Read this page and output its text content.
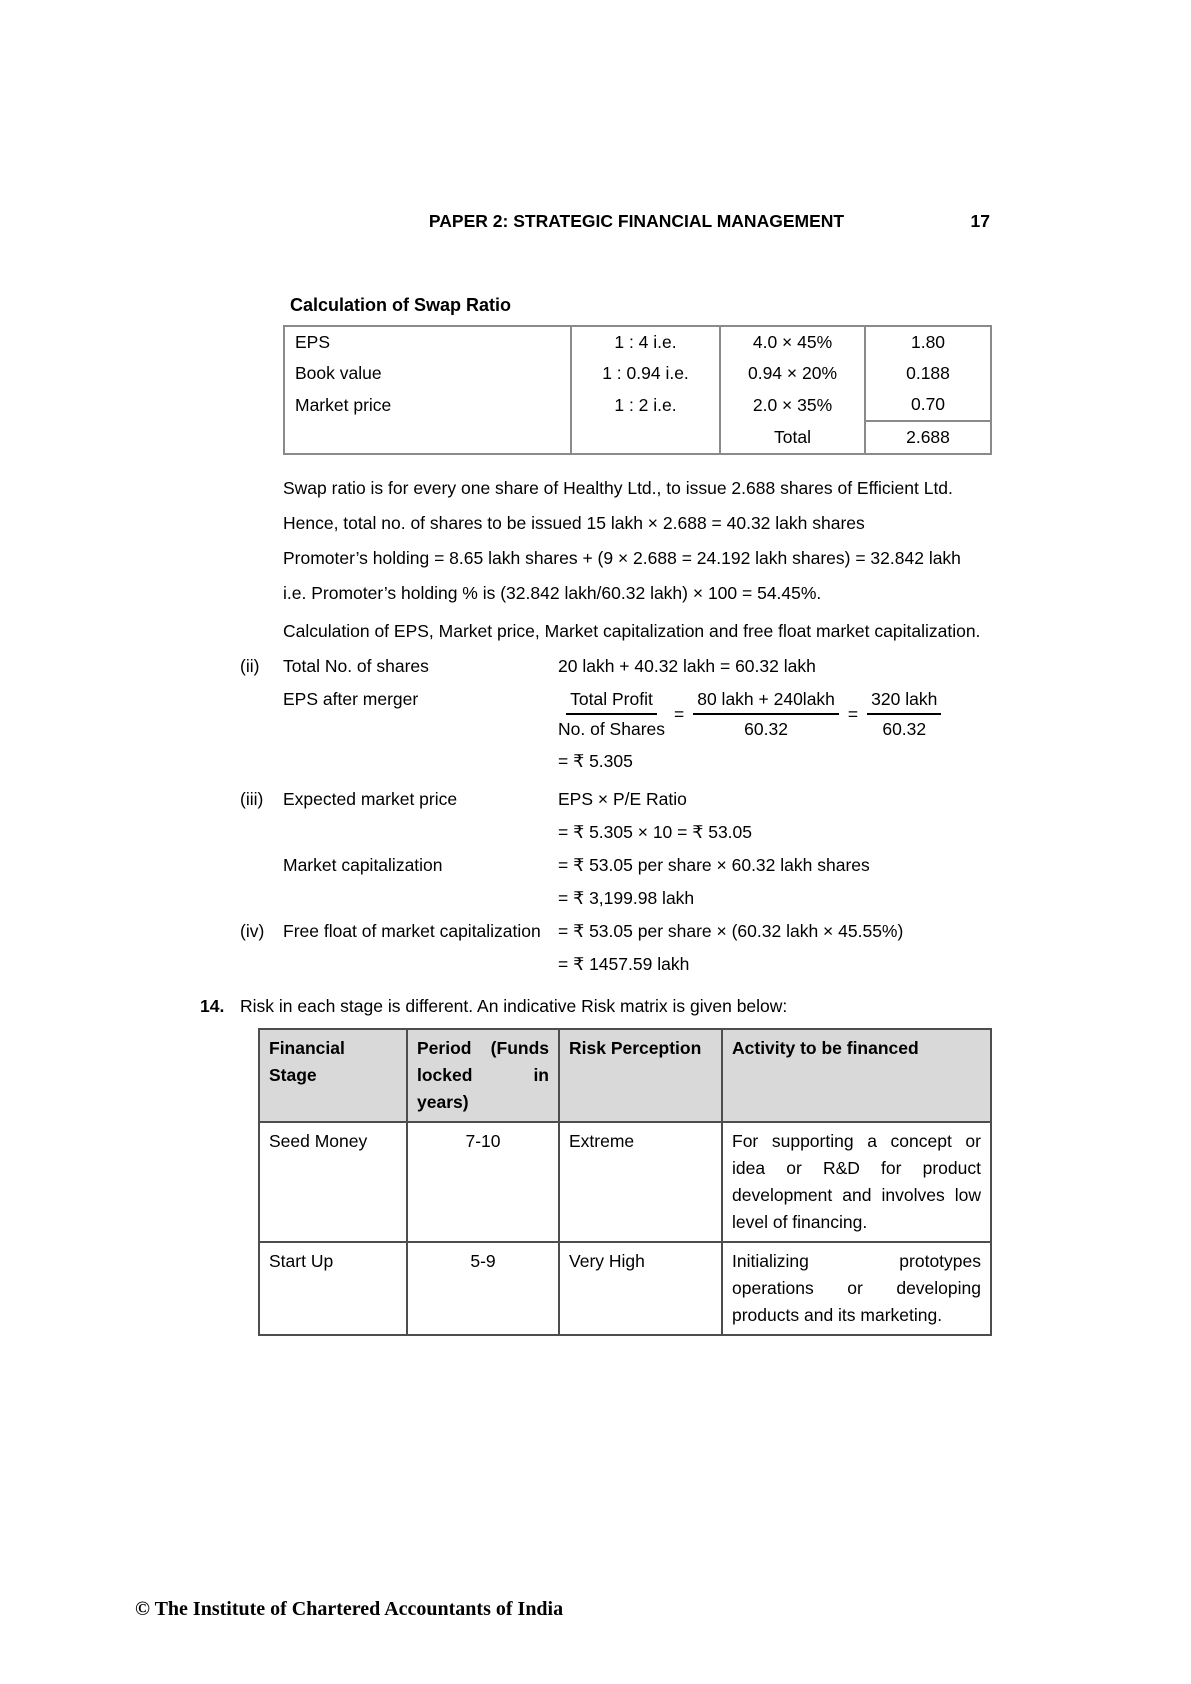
PAPER 2: STRATEGIC FINANCIAL MANAGEMENT	17
Calculation of Swap Ratio
EPS	1 : 4 i.e.	4.0 × 45%	1.80
Book value	1 : 0.94 i.e.	0.94 × 20%	0.188
Market price	1 : 2 i.e.	2.0 × 35%	0.70
		Total	2.688

Swap ratio is for every one share of Healthy Ltd., to issue 2.688 shares of Efficient Ltd.

Hence, total no. of shares to be issued 15 lakh × 2.688 = 40.32 lakh shares

Promoter’s holding = 8.65 lakh shares + (9 × 2.688 = 24.192 lakh shares) = 32.842 lakh

i.e. Promoter’s holding % is (32.842 lakh/60.32 lakh) × 100 = 54.45%.

Calculation of EPS, Market price, Market capitalization and free float market capitalization.

(ii)	Total No. of shares	20 lakh + 40.32 lakh = 60.32 lakh
EPS after merger	$\frac{\text{Total Profit}}{\text{No. of Shares}} = \frac{\text{80 lakh + 240lakh}}{60.32} = \frac{\text{320 lakh}}{60.32}$
= ₹ 5.305
(iii)	Expected market price	EPS × P/E Ratio
= ₹ 5.305 × 10 = ₹ 53.05
Market capitalization	= ₹ 53.05 per share × 60.32 lakh shares
= ₹ 3,199.98 lakh
(iv)	Free float of market capitalization = ₹ 53.05 per share × (60.32 lakh × 45.55%)
= ₹ 1457.59 lakh
14. Risk in each stage is different. An indicative Risk matrix is given below:
Financial Stage	Period (Funds locked in years)	Risk Perception	Activity to be financed
Seed Money	7-10	Extreme	For supporting a concept or idea or R&D for product development and involves low level of financing.
Start Up	5-9	Very High	Initializing prototypes operations or developing products and its marketing.
© The Institute of Chartered Accountants of India
